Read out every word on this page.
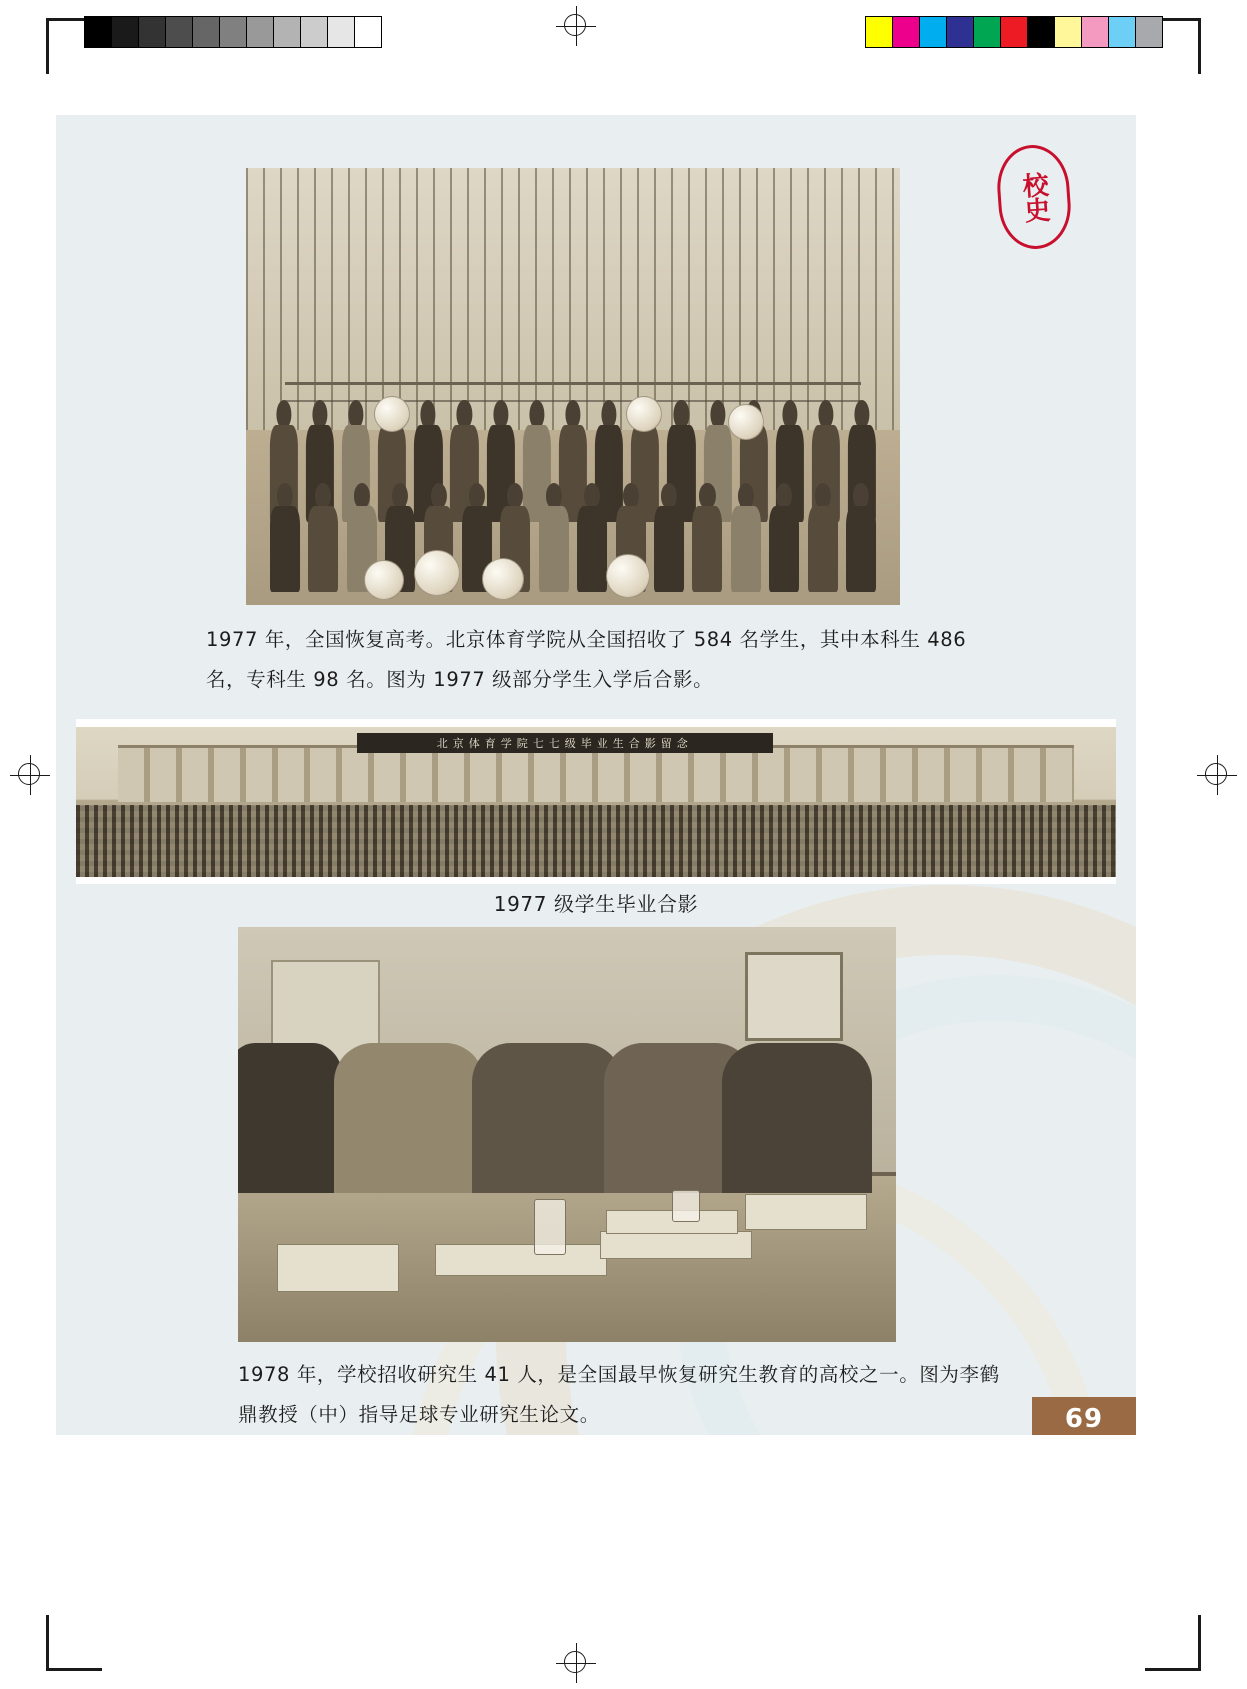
校史
1977 年，全国恢复高考。北京体育学院从全国招收了 584 名学生，其中本科生 486 名，专科生 98 名。图为 1977 级部分学生入学后合影。
北京体育学院七七级毕业生合影留念
1977 级学生毕业合影
1978 年，学校招收研究生 41 人，是全国最早恢复研究生教育的高校之一。图为李鹤鼎教授（中）指导足球专业研究生论文。	69
